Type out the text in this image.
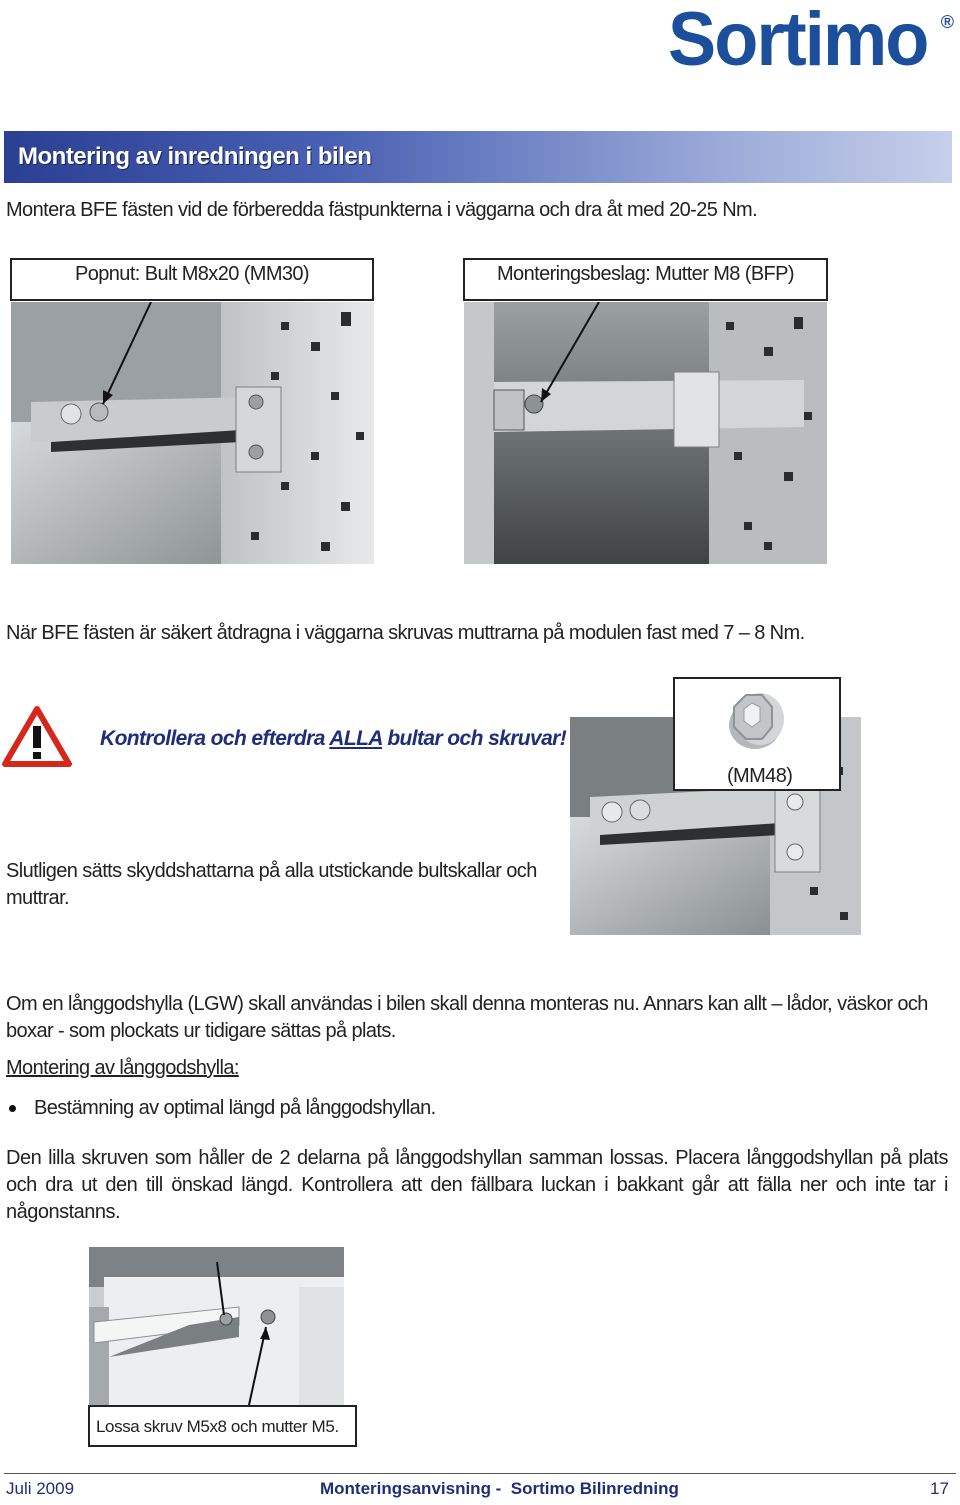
Sortimo ®
Montering av inredningen i bilen
Montera BFE fästen vid de förberedda fästpunkterna i väggarna och dra åt med 20-25 Nm.
Popnut: Bult M8x20 (MM30)	Monteringsbeslag: Mutter M8 (BFP)
När BFE fästen är säkert åtdragna i väggarna skruvas muttrarna på modulen fast med 7 – 8 Nm.
Kontrollera och efterdra ALLA bultar och skruvar!
(MM48)
Slutligen sätts skyddshattarna på alla utstickande bultskallar och
muttrar.
Om en långgodshylla (LGW) skall användas i bilen skall denna monteras nu. Annars kan allt – lådor, väskor och
boxar - som plockats ur tidigare sättas på plats.
Montering av långgodshylla:
Bestämning av optimal längd på långgodshyllan.
Den lilla skruven som håller de 2 delarna på långgodshyllan samman lossas. Placera långgodshyllan på plats och dra ut den till önskad längd. Kontrollera att den fällbara luckan i bakkant går att fälla ner och inte tar i någonstanns.
Lossa skruv M5x8 och mutter M5.
Juli 2009	Monteringsanvisning -  Sortimo Bilinredning	17
